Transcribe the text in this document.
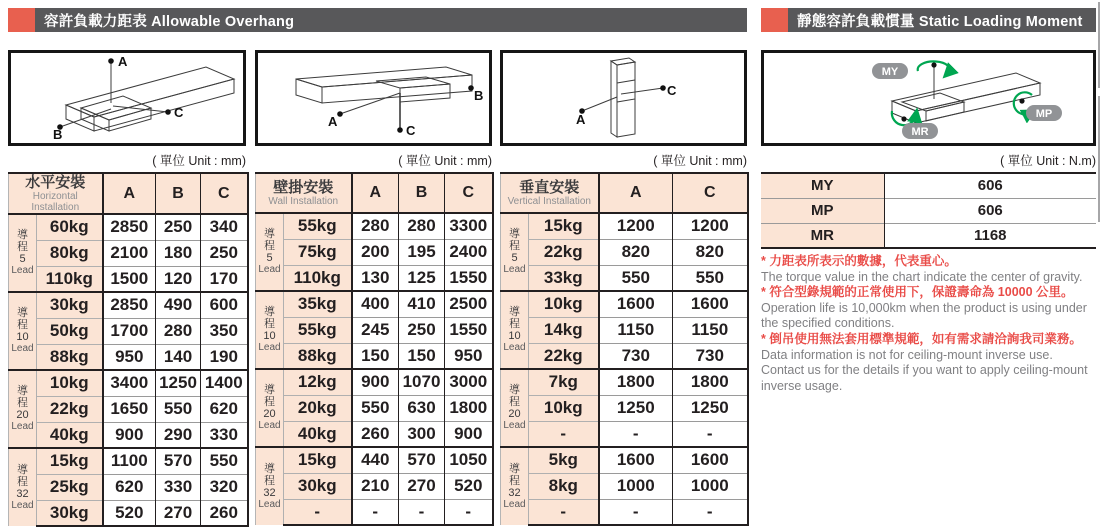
容許負載力距表 Allowable Overhang	靜態容許負載慣量 Static Loading Moment
A
B
C
A
B
C
A
C
MY
MP
MR
( 單位 Unit : mm)	( 單位 Unit : mm)	( 單位 Unit : mm)	( 單位 Unit : N.m)
水平安裝
Horizontal Installation		A	B	C

導
程
5
Lead	60kg	2850	250	340
	80kg	2100	180	250
	110kg	1500	120	170

導
程
10
Lead	30kg	2850	490	600
	50kg	1700	280	350
	88kg	950	140	190

導
程
20
Lead	10kg	3400	1250	1400
	22kg	1650	550	620
	40kg	900	290	330

導
程
32
Lead	15kg	1100	570	550
	25kg	620	330	320
	30kg	520	270	260
壁掛安裝
Wall Installation		A	B	C

導
程
5
Lead	55kg	280	280	3300
	75kg	200	195	2400
	110kg	130	125	1550

導
程
10
Lead	35kg	400	410	2500
	55kg	245	250	1550
	88kg	150	150	950

導
程
20
Lead	12kg	900	1070	3000
	20kg	550	630	1800
	40kg	260	300	900

導
程
32
Lead	15kg	440	570	1050
	30kg	210	270	520
	-	-	-	-
垂直安裝
Vertical Installation		A	C

導
程
5
Lead	15kg	1200	1200
	22kg	820	820
	33kg	550	550

導
程
10
Lead	10kg	1600	1600
	14kg	1150	1150
	22kg	730	730

導
程
20
Lead	7kg	1800	1800
	10kg	1250	1250
	-	-	-

導
程
32
Lead	5kg	1600	1600
	8kg	1000	1000
	-	-	-
MY	606
MP	606
MR	1168

* 力距表所表示的數據，代表重心。

The torque value in the chart indicate the center of gravity.

* 符合型錄規範的正常使用下，保證壽命為 10000 公里。

Operation life is 10,000km when the product is using under the specified conditions.

* 倒吊使用無法套用標準規範，如有需求請洽詢我司業務。

Data information is not for ceiling-mount inverse use.

Contact us for the details if you want to apply ceiling-mount inverse usage.
